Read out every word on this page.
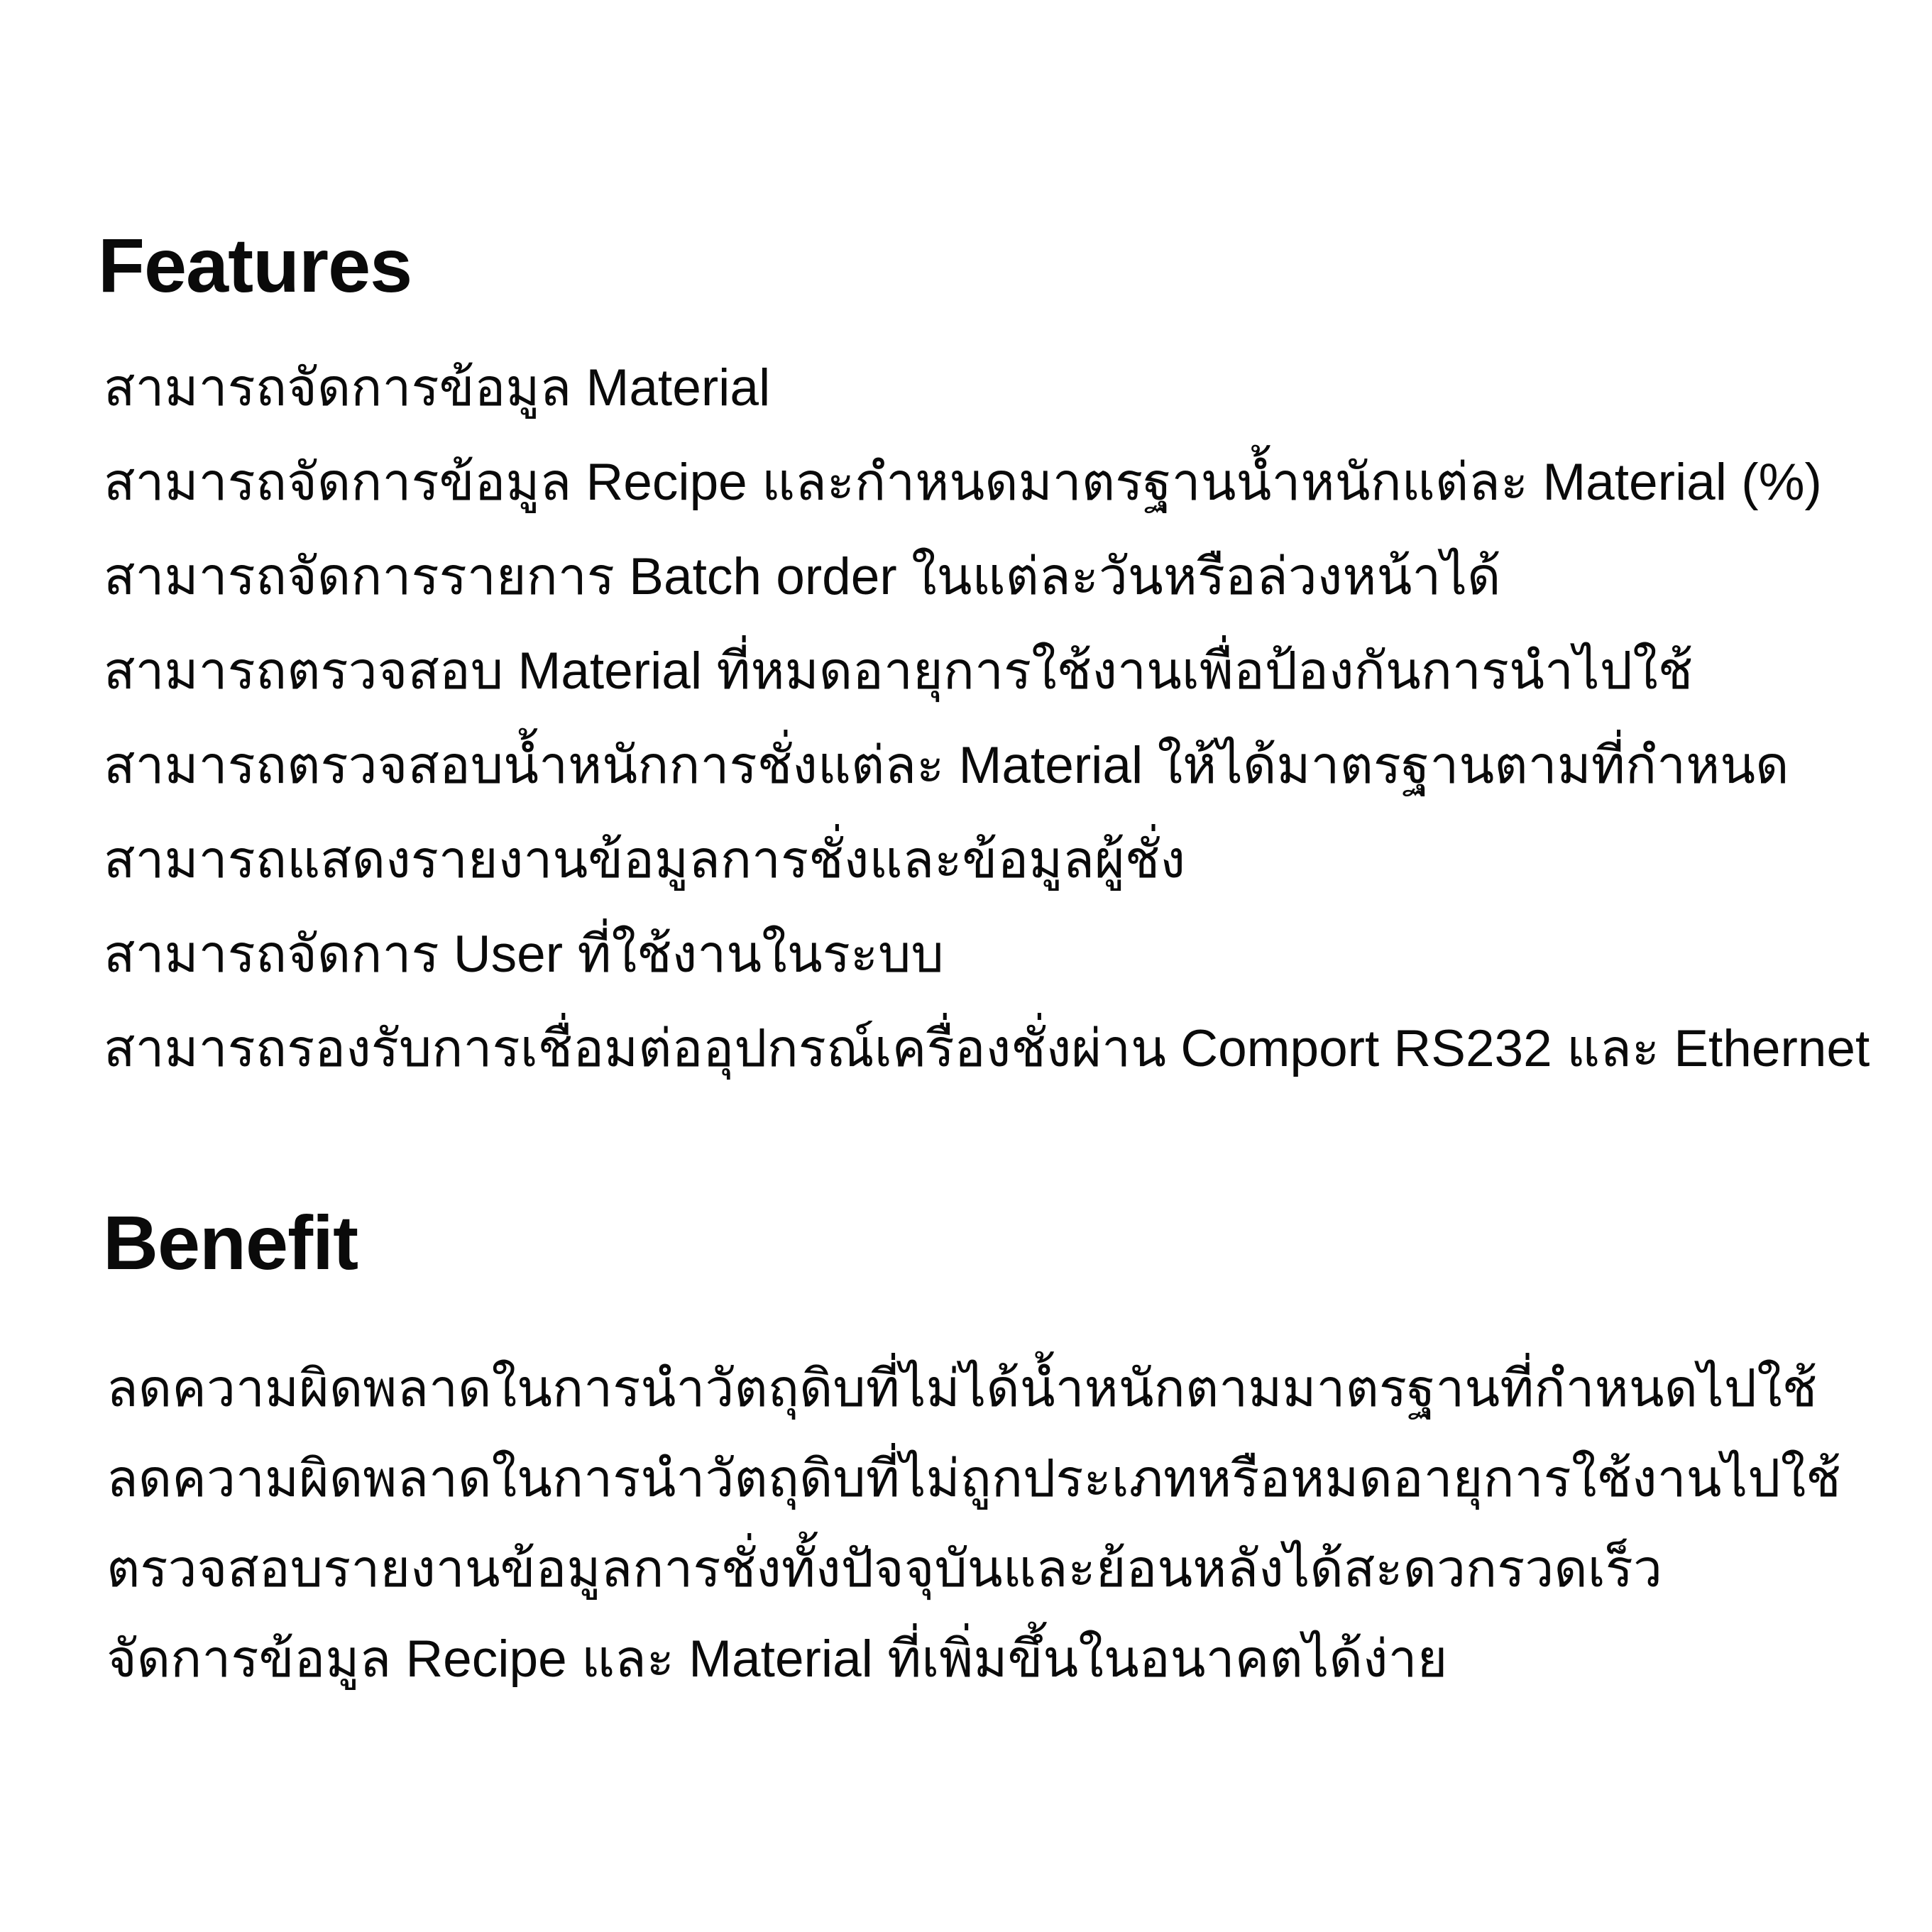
Features
สามารถจัดการข้อมูล Material
สามารถจัดการข้อมูล Recipe และกำหนดมาตรฐานน้ำหนักแต่ละ Material (%)
สามารถจัดการรายการ Batch order ในแต่ละวันหรือล่วงหน้าได้
สามารถตรวจสอบ Material ที่หมดอายุการใช้งานเพื่อป้องกันการนำไปใช้
สามารถตรวจสอบน้ำหนักการชั่งแต่ละ Material ให้ได้มาตรฐานตามที่กำหนด
สามารถแสดงรายงานข้อมูลการชั่งและข้อมูลผู้ชั่ง
สามารถจัดการ User ที่ใช้งานในระบบ
สามารถรองรับการเชื่อมต่ออุปกรณ์เครื่องชั่งผ่าน Comport RS232 และ Ethernet
Benefit
ลดความผิดพลาดในการนำวัตถุดิบที่ไม่ได้น้ำหนักตามมาตรฐานที่กำหนดไปใช้
ลดความผิดพลาดในการนำวัตถุดิบที่ไม่ถูกประเภทหรือหมดอายุการใช้งานไปใช้
ตรวจสอบรายงานข้อมูลการชั่งทั้งปัจจุบันและย้อนหลังได้สะดวกรวดเร็ว
จัดการข้อมูล Recipe และ Material ที่เพิ่มขึ้นในอนาคตได้ง่าย
